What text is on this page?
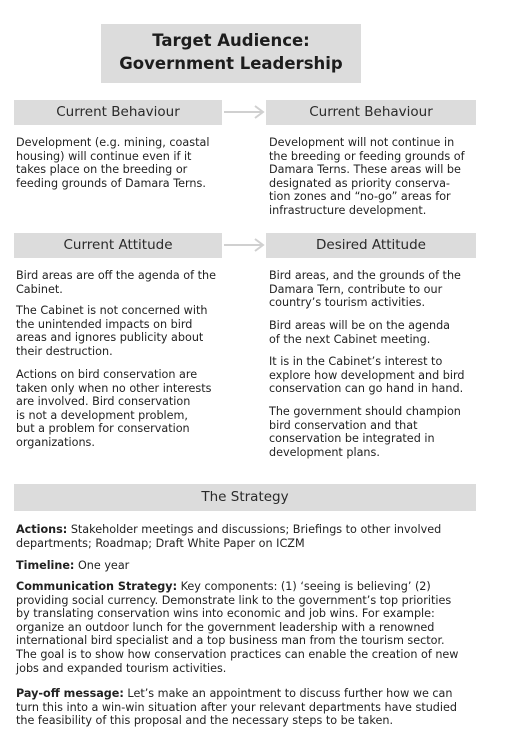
Target Audience:
Government Leadership
Current Behaviour	Current Behaviour
Development (e.g. mining, coastal
housing) will continue even if it
takes place on the breeding or
feeding grounds of Damara Terns.
Development will not continue in
the breeding or feeding grounds of
Damara Terns. These areas will be
designated as priority conserva-
tion zones and “no-go” areas for
infrastructure development.
Current Attitude	Desired Attitude
Bird areas are off the agenda of the
Cabinet.
The Cabinet is not concerned with
the unintended impacts on bird
areas and ignores publicity about
their destruction.
Actions on bird conservation are
taken only when no other interests
are involved. Bird conservation
is not a development problem,
but a problem for conservation
organizations.
Bird areas, and the grounds of the
Damara Tern, contribute to our
country’s tourism activities.
Bird areas will be on the agenda
of the next Cabinet meeting.
It is in the Cabinet’s interest to
explore how development and bird
conservation can go hand in hand.
The government should champion
bird conservation and that
conservation be integrated in
development plans.
The Strategy
Actions: Stakeholder meetings and discussions; Briefings to other involved
departments; Roadmap; Draft White Paper on ICZM
Timeline: One year
Communication Strategy: Key components: (1) ‘seeing is believing’ (2)
providing social currency. Demonstrate link to the government’s top priorities
by translating conservation wins into economic and job wins. For example:
organize an outdoor lunch for the government leadership with a renowned
international bird specialist and a top business man from the tourism sector.
The goal is to show how conservation practices can enable the creation of new
jobs and expanded tourism activities.
Pay-off message: Let’s make an appointment to discuss further how we can
turn this into a win-win situation after your relevant departments have studied
the feasibility of this proposal and the necessary steps to be taken.
